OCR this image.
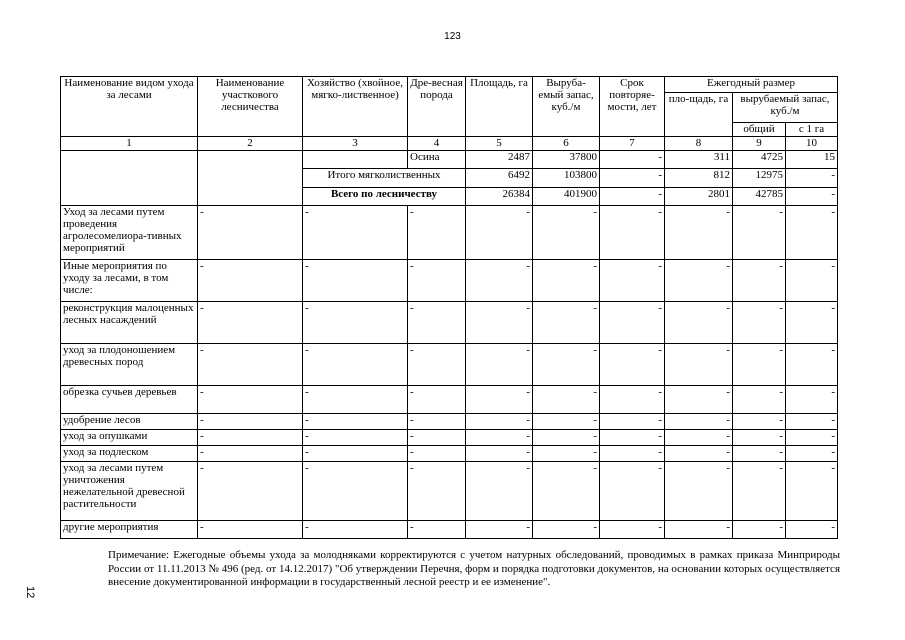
123
Наименование видом ухода за лесами	Наименование участкового лесничества	Хозяйство (хвойное, мягко-лиственное)	Дре-весная порода	Площадь, га	Выруба-емый запас, куб./м	Срок повторяе-мости, лет	Ежегодный размер		
							пло-щадь, га	вырубаемый запас, куб./м	
								общий	с 1 га
1	2	3	4	5	6	7	8	9	10
			Осина	2487	37800	-	311	4725	15
		Итого мягколиственных		6492	103800	-	812	12975	-
		Всего по лесничеству		26384	401900	-	2801	42785	-
Уход за лесами путем проведения агролесомелиора-тивных мероприятий	-	-	-	-	-	-	-	-	-
Иные мероприятия по уходу за лесами, в том числе:	-	-	-	-	-	-	-	-	-
реконструкция малоценных лесных насаждений	-	-	-	-	-	-	-	-	-
уход за плодоношением древесных пород	-	-	-	-	-	-	-	-	-
обрезка сучьев деревьев	-	-	-	-	-	-	-	-	-
удобрение лесов	-	-	-	-	-	-	-	-	-
уход за опушками	-	-	-	-	-	-	-	-	-
уход за подлеском	-	-	-	-	-	-	-	-	-
уход за лесами путем уничтожения нежелательной древесной растительности	-	-	-	-	-	-	-	-	-
другие мероприятия	-	-	-	-	-	-	-	-	-
Примечание: Ежегодные объемы ухода за молодняками корректируются с учетом натурных обследований, проводимых в рамках приказа Минприроды России от 11.11.2013 № 496 (ред. от 14.12.2017) "Об утверждении Перечня, форм и порядка подготовки документов, на основании которых осуществляется внесение документированной информации в государственный лесной реестр и ее изменение".
12
